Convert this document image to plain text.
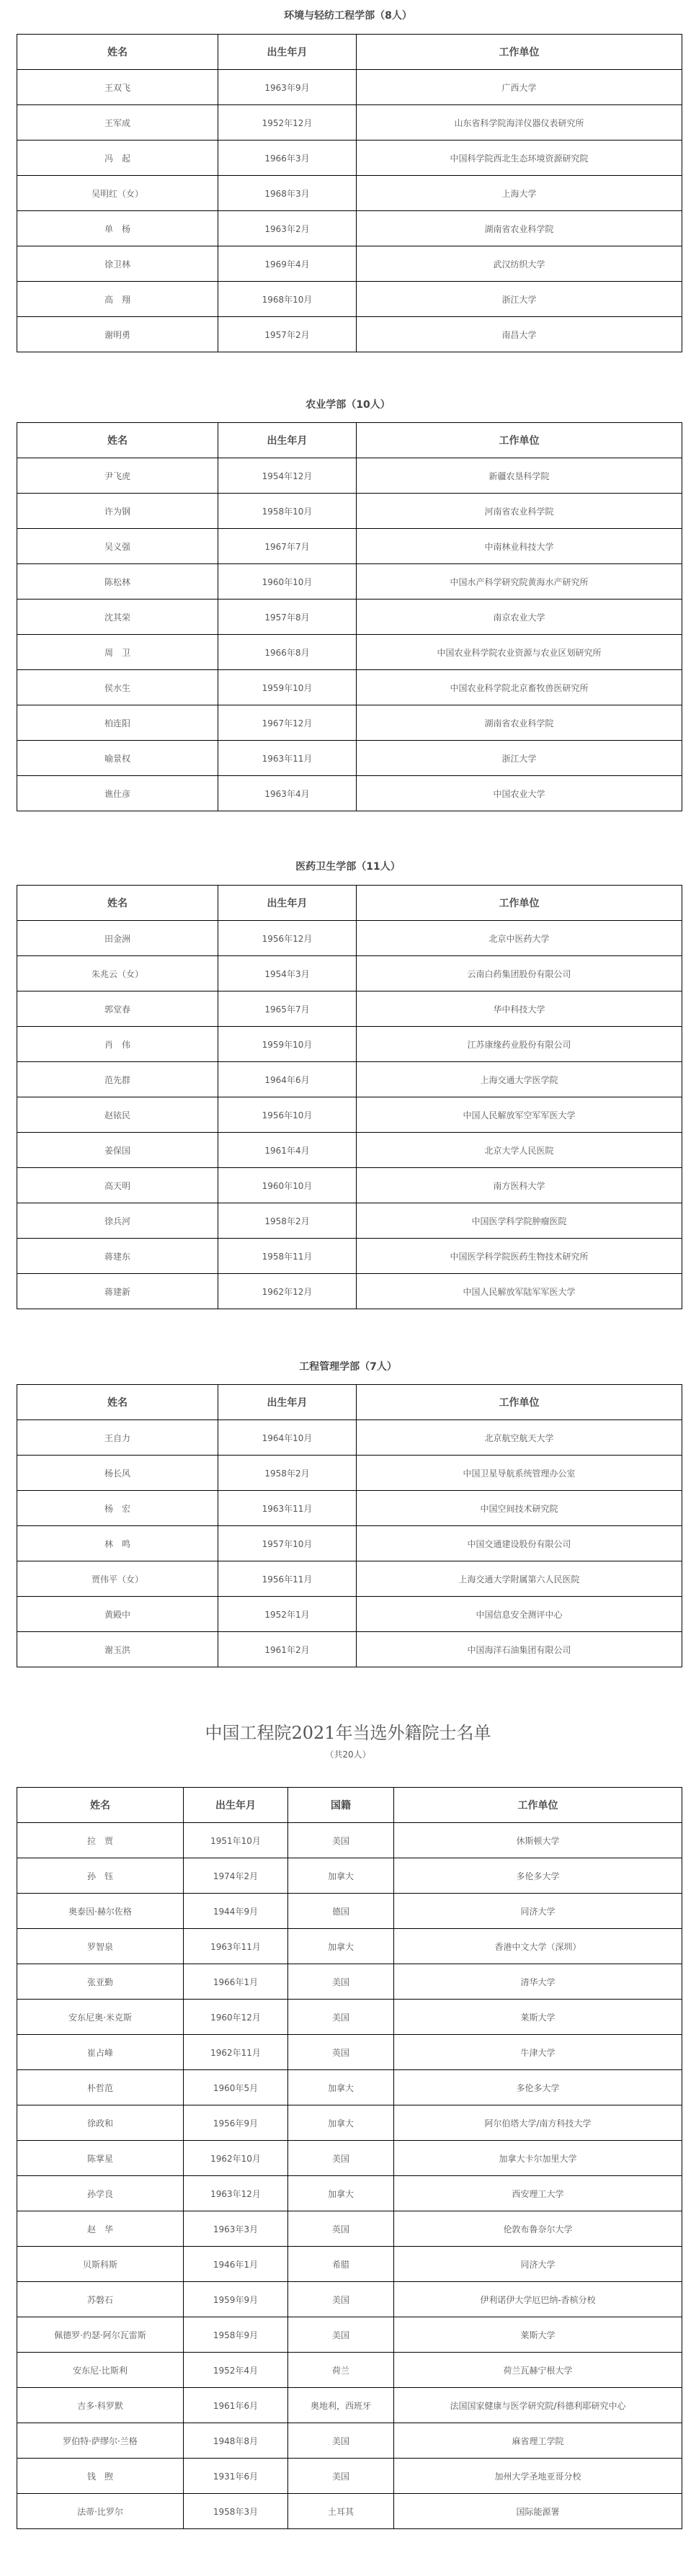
环境与轻纺工程学部（8人）
农业学部（10人）
医药卫生学部（11人）
工程管理学部（7人）
姓名	出生年月	工作单位
王双飞	1963年9月	广西大学
王军成	1952年12月	山东省科学院海洋仪器仪表研究所
冯　起	1966年3月	中国科学院西北生态环境资源研究院
吴明红（女）	1968年3月	上海大学
单　杨	1963年2月	湖南省农业科学院
徐卫林	1969年4月	武汉纺织大学
高　翔	1968年10月	浙江大学
谢明勇	1957年2月	南昌大学
姓名	出生年月	工作单位
尹飞虎	1954年12月	新疆农垦科学院
许为钢	1958年10月	河南省农业科学院
吴义强	1967年7月	中南林业科技大学
陈松林	1960年10月	中国水产科学研究院黄海水产研究所
沈其荣	1957年8月	南京农业大学
周　卫	1966年8月	中国农业科学院农业资源与农业区划研究所
侯水生	1959年10月	中国农业科学院北京畜牧兽医研究所
柏连阳	1967年12月	湖南省农业科学院
喻景权	1963年11月	浙江大学
谯仕彦	1963年4月	中国农业大学
姓名	出生年月	工作单位
田金洲	1956年12月	北京中医药大学
朱兆云（女）	1954年3月	云南白药集团股份有限公司
郭堂春	1965年7月	华中科技大学
肖　伟	1959年10月	江苏康缘药业股份有限公司
范先群	1964年6月	上海交通大学医学院
赵铱民	1956年10月	中国人民解放军空军军医大学
姜保国	1961年4月	北京大学人民医院
高天明	1960年10月	南方医科大学
徐兵河	1958年2月	中国医学科学院肿瘤医院
蒋建东	1958年11月	中国医学科学院医药生物技术研究所
蒋建新	1962年12月	中国人民解放军陆军军医大学
姓名	出生年月	工作单位
王自力	1964年10月	北京航空航天大学
杨长风	1958年2月	中国卫星导航系统管理办公室
杨　宏	1963年11月	中国空间技术研究院
林　鸣	1957年10月	中国交通建设股份有限公司
贾伟平（女）	1956年11月	上海交通大学附属第六人民医院
黄殿中	1952年1月	中国信息安全测评中心
谢玉洪	1961年2月	中国海洋石油集团有限公司
中国工程院2021年当选外籍院士名单
（共20人）
姓名	出生年月	国籍	工作单位
拉　贾	1951年10月	美国	休斯顿大学
孙　钰	1974年2月	加拿大	多伦多大学
奥泰因·赫尔佐格	1944年9月	德国	同济大学
罗智泉	1963年11月	加拿大	香港中文大学（深圳）
张亚勤	1966年1月	美国	清华大学
安东尼奥·米克斯	1960年12月	美国	莱斯大学
崔占峰	1962年11月	英国	牛津大学
朴哲范	1960年5月	加拿大	多伦多大学
徐政和	1956年9月	加拿大	阿尔伯塔大学/南方科技大学
陈掌星	1962年10月	美国	加拿大卡尔加里大学
孙学良	1963年12月	加拿大	西安理工大学
赵　华	1963年3月	英国	伦敦布鲁奈尔大学
贝斯科斯	1946年1月	希腊	同济大学
苏磐石	1959年9月	美国	伊利诺伊大学厄巴纳-香槟分校
佩德罗·约瑟·阿尔瓦雷斯	1958年9月	美国	莱斯大学
安东尼·比斯利	1952年4月	荷兰	荷兰瓦赫宁根大学
吉多·科罗默	1961年6月	奥地利，西班牙	法国国家健康与医学研究院/科德利耶研究中心
罗伯特·萨缪尔·兰格	1948年8月	美国	麻省理工学院
钱　煦	1931年6月	美国	加州大学圣地亚哥分校
法蒂·比罗尔	1958年3月	土耳其	国际能源署
